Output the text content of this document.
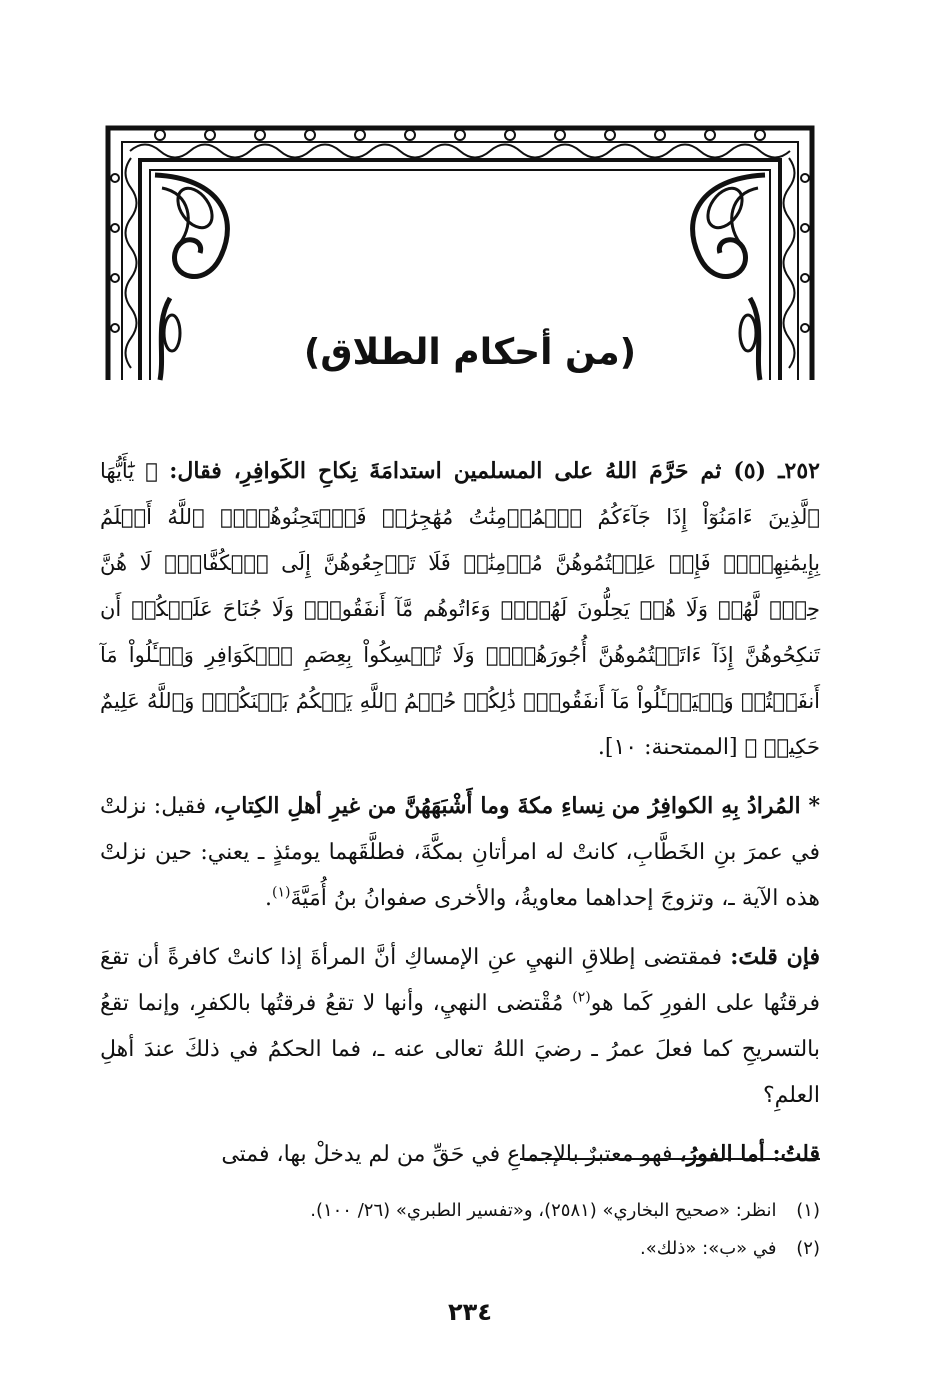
(من أحكام الطلاق)

٢٥٢ـ (٥) ثم حَرَّمَ اللهُ على المسلمين استدامَةَ نِكاحِ الكَوافِرِ، فقال: ﴿ يَٰٓأَيُّهَا ٱلَّذِينَ ءَامَنُوٓاْ إِذَا جَآءَكُمُ ٱلۡمُؤۡمِنَٰتُ مُهَٰجِرَٰتٖ فَٱمۡتَحِنُوهُنَّۖ ٱللَّهُ أَعۡلَمُ بِإِيمَٰنِهِنَّۖ فَإِنۡ عَلِمۡتُمُوهُنَّ مُؤۡمِنَٰتٖ فَلَا تَرۡجِعُوهُنَّ إِلَى ٱلۡكُفَّارِۖ لَا هُنَّ حِلّٞ لَّهُمۡ وَلَا هُمۡ يَحِلُّونَ لَهُنَّۖ وَءَاتُوهُم مَّآ أَنفَقُواْۚ وَلَا جُنَاحَ عَلَيۡكُمۡ أَن تَنكِحُوهُنَّ إِذَآ ءَاتَيۡتُمُوهُنَّ أُجُورَهُنَّۚ وَلَا تُمۡسِكُواْ بِعِصَمِ ٱلۡكَوَافِرِ وَسۡـَٔلُواْ مَآ أَنفَقۡتُمۡ وَلۡيَسۡـَٔلُواْ مَآ أَنفَقُواْۚ ذَٰلِكُمۡ حُكۡمُ ٱللَّهِ يَحۡكُمُ بَيۡنَكُمۡۖ وَٱللَّهُ عَلِيمٌ حَكِيمٞ ﴾ [الممتحنة: ١٠].

* المُرادُ بِهِ الكوافِرُ من نِساءِ مكةَ وما أَشْبَهَهُنَّ من غيرِ أهلِ الكِتابِ، فقيل: نزلتْ في عمرَ بنِ الخَطَّابِ، كانتْ له امرأتانِ بمكَّةَ، فطلَّقَهما يومئذٍ ـ يعني: حين نزلتْ هذه الآية ـ، وتزوجَ إحداهما معاويةُ، والأخرى صفوانُ بنُ أُمَيَّةَ$^{(١)}$.

فإن قلتَ: فمقتضى إطلاقِ النهيِ عنِ الإمساكِ أنَّ المرأةَ إذا كانتْ كافرةً أن تقعَ فرقتُها على الفورِ كَما هو$^{(٢)}$ مُقْتضى النهيِ، وأنها لا تقعُ فرقتُها بالكفرِ، وإنما تقعُ بالتسريحِ كما فعلَ عمرُ ـ رضيَ اللهُ تعالى عنه ـ، فما الحكمُ في ذلكَ عندَ أهلِ العلمِ؟

قلتُ: أما الفورُ، فهو معتبرٌ بالإجماعِ في حَقِّ من لم يدخلْ بها، فمتى

(١) انظر: «صحيح البخاري» (٢٥٨١)، و«تفسير الطبري» (٢٦/ ١٠٠).
(٢) في «ب»: «ذلك».
٢٣٤
